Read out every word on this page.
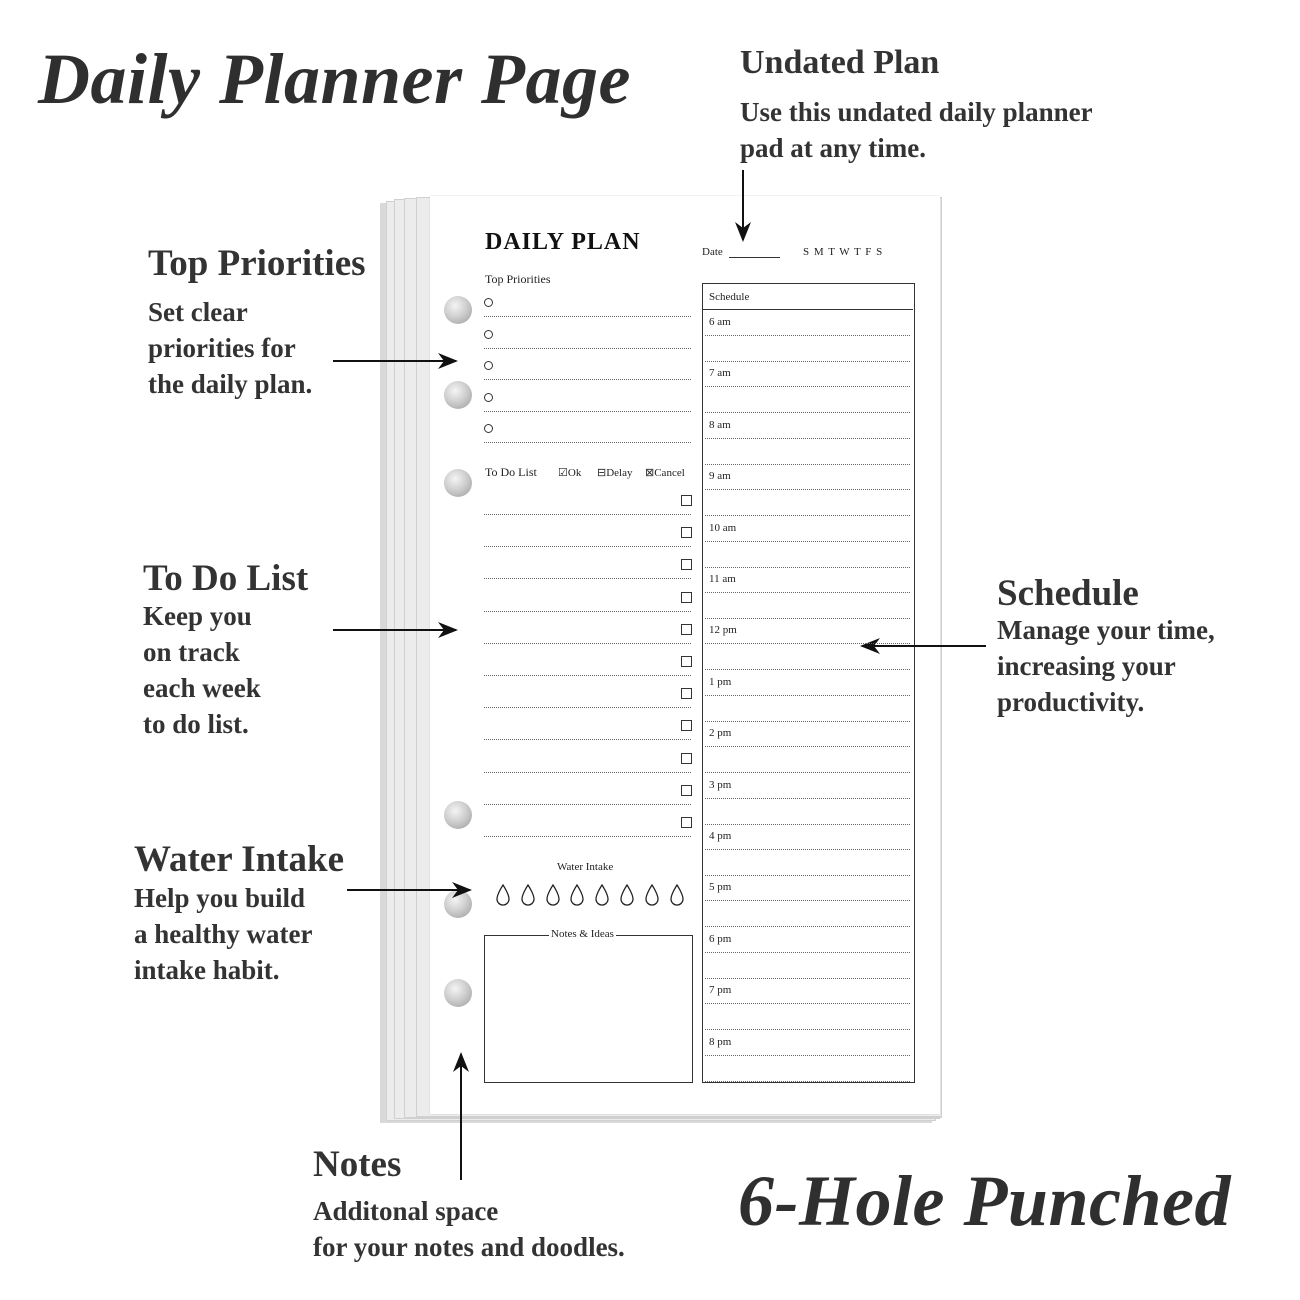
Daily Planner Page
6-Hole Punched
Undated Plan
Use this undated daily planner
pad at any time.
Top Priorities
Set clear
priorities for
the daily plan.
To Do List
Keep you
on track
each week
to do list.
Water Intake
Help you build
a healthy water
intake habit.
Notes
Additonal space
for your notes and doodles.
Schedule
Manage your time,
increasing your
productivity.
DAILY PLAN	Date	S M T W T F S
Top Priorities
To Do List ☑Ok ⊟Delay ⊠Cancel
Water Intake
Notes & Ideas
Schedule
6 am
7 am
8 am
9 am
10 am
11 am
12 pm
1 pm
2 pm
3 pm
4 pm
5 pm
6 pm
7 pm
8 pm
